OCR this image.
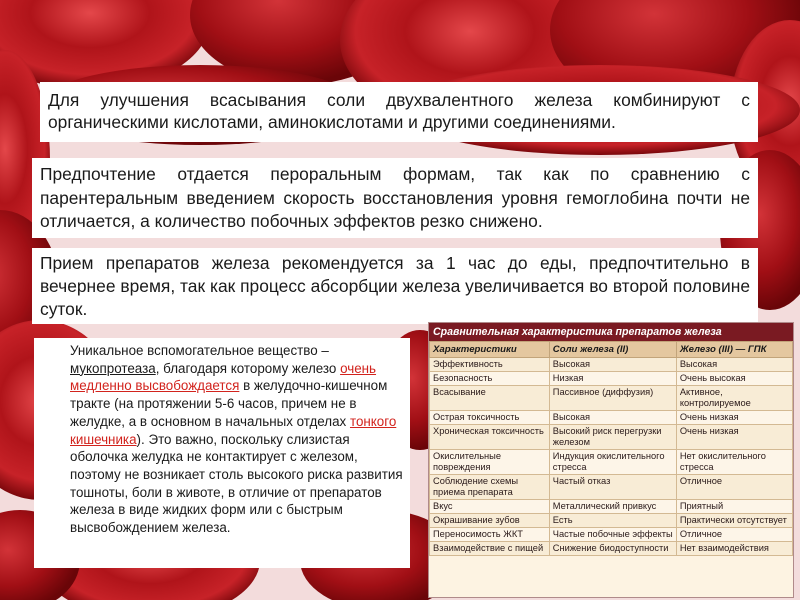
Для улучшения всасывания соли двухвалентного железа комбинируют с органическими кислотами, аминокислотами и другими соединениями.
Предпочтение отдается пероральным формам, так как по сравнению с парентеральным введением скорость восстановления уровня гемоглобина почти не отличается, а количество побочных эффектов резко снижено.
Прием препаратов железа рекомендуется за 1 час до еды, предпочтительно в вечернее время, так как процесс абсорбции железа увеличивается во второй половине суток.
Уникальное вспомогательное вещество – мукопротеаза, благодаря которому железо очень медленно высвобождается в желудочно-кишечном тракте (на протяжении 5-6 часов, причем не в желудке, а в основном в начальных отделах тонкого кишечника). Это важно, поскольку слизистая оболочка желудка не контактирует с железом, поэтому не возникает столь высокого риска развития тошноты, боли в животе, в отличие от препаратов железа в виде жидких форм или с быстрым высвобождением железа.
Сравнительная характеристика препаратов железа
Характеристики	Соли железа (II)	Железо (III) — ГПК
Эффективность	Высокая	Высокая
Безопасность	Низкая	Очень высокая
Всасывание	Пассивное (диффузия)	Активное, контролируемое
Острая токсичность	Высокая	Очень низкая
Хроническая токсичность	Высокий риск перегрузки железом	Очень низкая
Окислительные повреждения	Индукция окислительного стресса	Нет окислительного стресса
Соблюдение схемы приема препарата	Частый отказ	Отличное
Вкус	Металлический привкус	Приятный
Окрашивание зубов	Есть	Практически отсутствует
Переносимость ЖКТ	Частые побочные эффекты	Отличное
Взаимодействие с пищей	Снижение биодоступности	Нет взаимодействия
